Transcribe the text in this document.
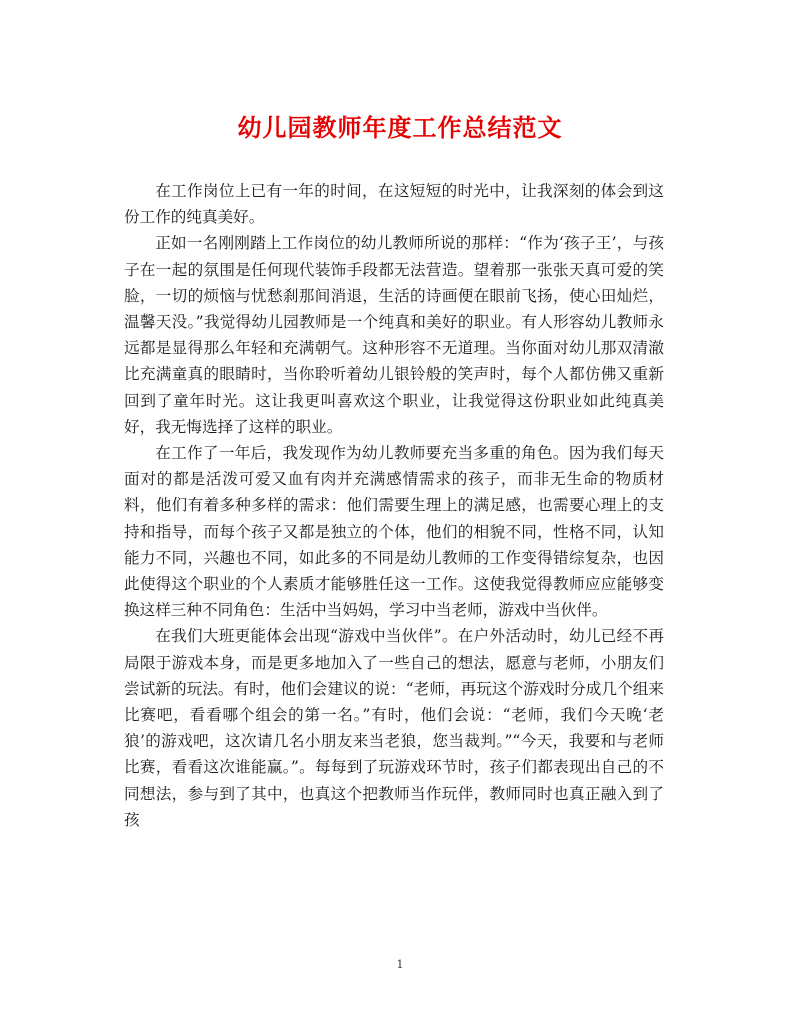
幼儿园教师年度工作总结范文

在工作岗位上已有一年的时间，在这短短的时光中，让我深刻的体会到这份工作的纯真美好。

正如一名刚刚踏上工作岗位的幼儿教师所说的那样：“作为‘孩子王’，与孩子在一起的氛围是任何现代装饰手段都无法营造。望着那一张张天真可爱的笑脸，一切的烦恼与忧愁刹那间消退，生活的诗画便在眼前飞扬，使心田灿烂，温馨天没。”我觉得幼儿园教师是一个纯真和美好的职业。有人形容幼儿教师永远都是显得那么年轻和充满朝气。这种形容不无道理。当你面对幼儿那双清澈比充满童真的眼睛时，当你聆听着幼儿银铃般的笑声时，每个人都仿佛又重新回到了童年时光。这让我更叫喜欢这个职业，让我觉得这份职业如此纯真美好，我无悔选择了这样的职业。

在工作了一年后，我发现作为幼儿教师要充当多重的角色。因为我们每天面对的都是活泼可爱又血有肉并充满感情需求的孩子，而非无生命的物质材料，他们有着多种多样的需求：他们需要生理上的满足感，也需要心理上的支持和指导，而每个孩子又都是独立的个体，他们的相貌不同，性格不同，认知能力不同，兴趣也不同，如此多的不同是幼儿教师的工作变得错综复杂，也因此使得这个职业的个人素质才能够胜任这一工作。这使我觉得教师应应能够变换这样三种不同角色：生活中当妈妈，学习中当老师，游戏中当伙伴。

在我们大班更能体会出现“游戏中当伙伴”。在户外活动时，幼儿已经不再局限于游戏本身，而是更多地加入了一些自己的想法，愿意与老师，小朋友们尝试新的玩法。有时，他们会建议的说：“老师，再玩这个游戏时分成几个组来比赛吧，看看哪个组会的第一名。”有时，他们会说：“老师，我们今天晚‘老狼’的游戏吧，这次请几名小朋友来当老狼，您当裁判。”“今天，我要和与老师比赛，看看这次谁能赢。”。每每到了玩游戏环节时，孩子们都表现出自己的不同想法，参与到了其中，也真这个把教师当作玩伴，教师同时也真正融入到了孩

1
